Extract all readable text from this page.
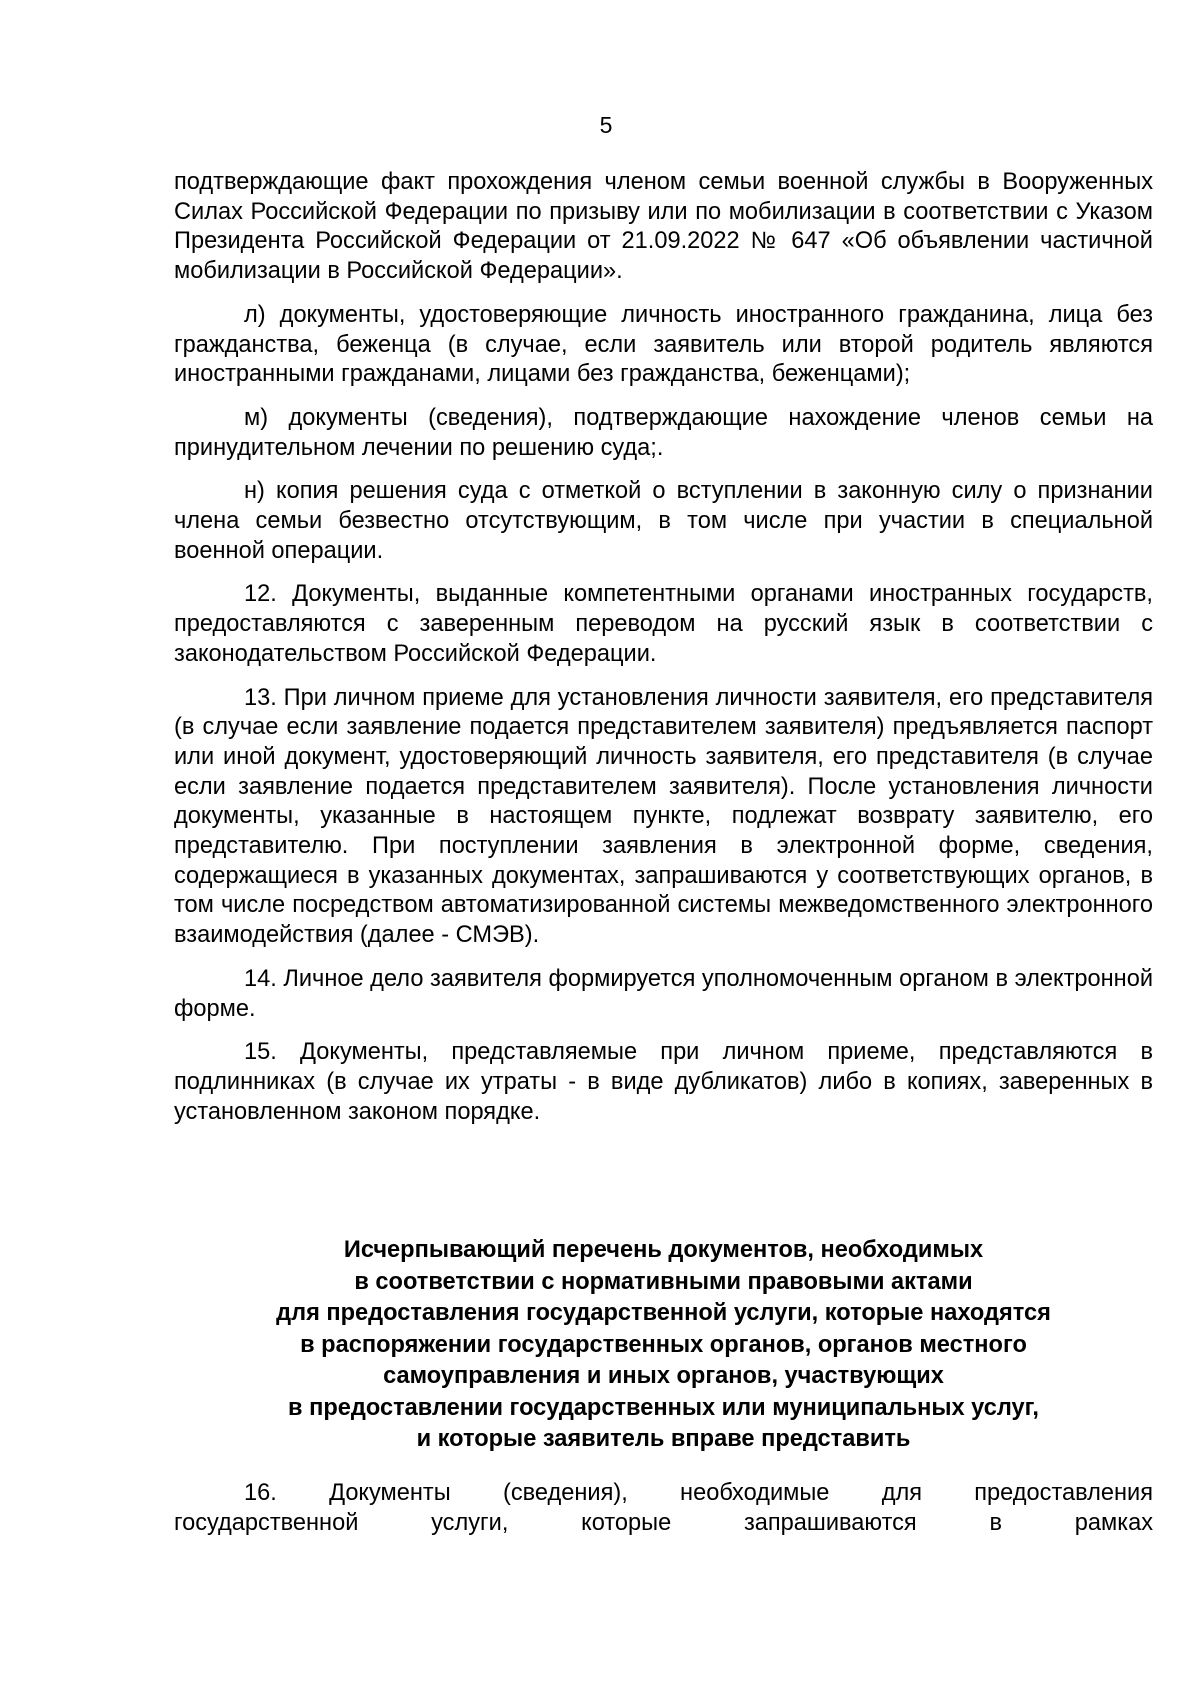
5

подтверждающие факт прохождения членом семьи военной службы в Вооруженных Силах Российской Федерации по призыву или по мобилизации в соответствии с Указом Президента Российской Федерации от 21.09.2022 № 647 «Об объявлении частичной мобилизации в Российской Федерации».

л) документы, удостоверяющие личность иностранного гражданина, лица без гражданства, беженца (в случае, если заявитель или второй родитель являются иностранными гражданами, лицами без гражданства, беженцами);

м) документы (сведения), подтверждающие нахождение членов семьи на принудительном лечении по решению суда;.

н) копия решения суда с отметкой о вступлении в законную силу о признании члена семьи безвестно отсутствующим, в том числе при участии в специальной военной операции.

12. Документы, выданные компетентными органами иностранных государств, предоставляются с заверенным переводом на русский язык в соответствии с законодательством Российской Федерации.

13. При личном приеме для установления личности заявителя, его представителя (в случае если заявление подается представителем заявителя) предъявляется паспорт или иной документ, удостоверяющий личность заявителя, его представителя (в случае если заявление подается представителем заявителя). После установления личности документы, указанные в настоящем пункте, подлежат возврату заявителю, его представителю. При поступлении заявления в электронной форме, сведения, содержащиеся в указанных документах, запрашиваются у соответствующих органов, в том числе посредством автоматизированной системы межведомственного электронного взаимодействия (далее - СМЭВ).

14. Личное дело заявителя формируется уполномоченным органом в электронной форме.

15. Документы, представляемые при личном приеме, представляются в подлинниках (в случае их утраты - в виде дубликатов) либо в копиях, заверенных в установленном законом порядке.

Исчерпывающий перечень документов, необходимых
в соответствии с нормативными правовыми актами
для предоставления государственной услуги, которые находятся
в распоряжении государственных органов, органов местного
самоуправления и иных органов, участвующих
в предоставлении государственных или муниципальных услуг,
и которые заявитель вправе представить
16. Документы (сведения), необходимые для предоставления
государственной услуги, которые запрашиваются в рамках
